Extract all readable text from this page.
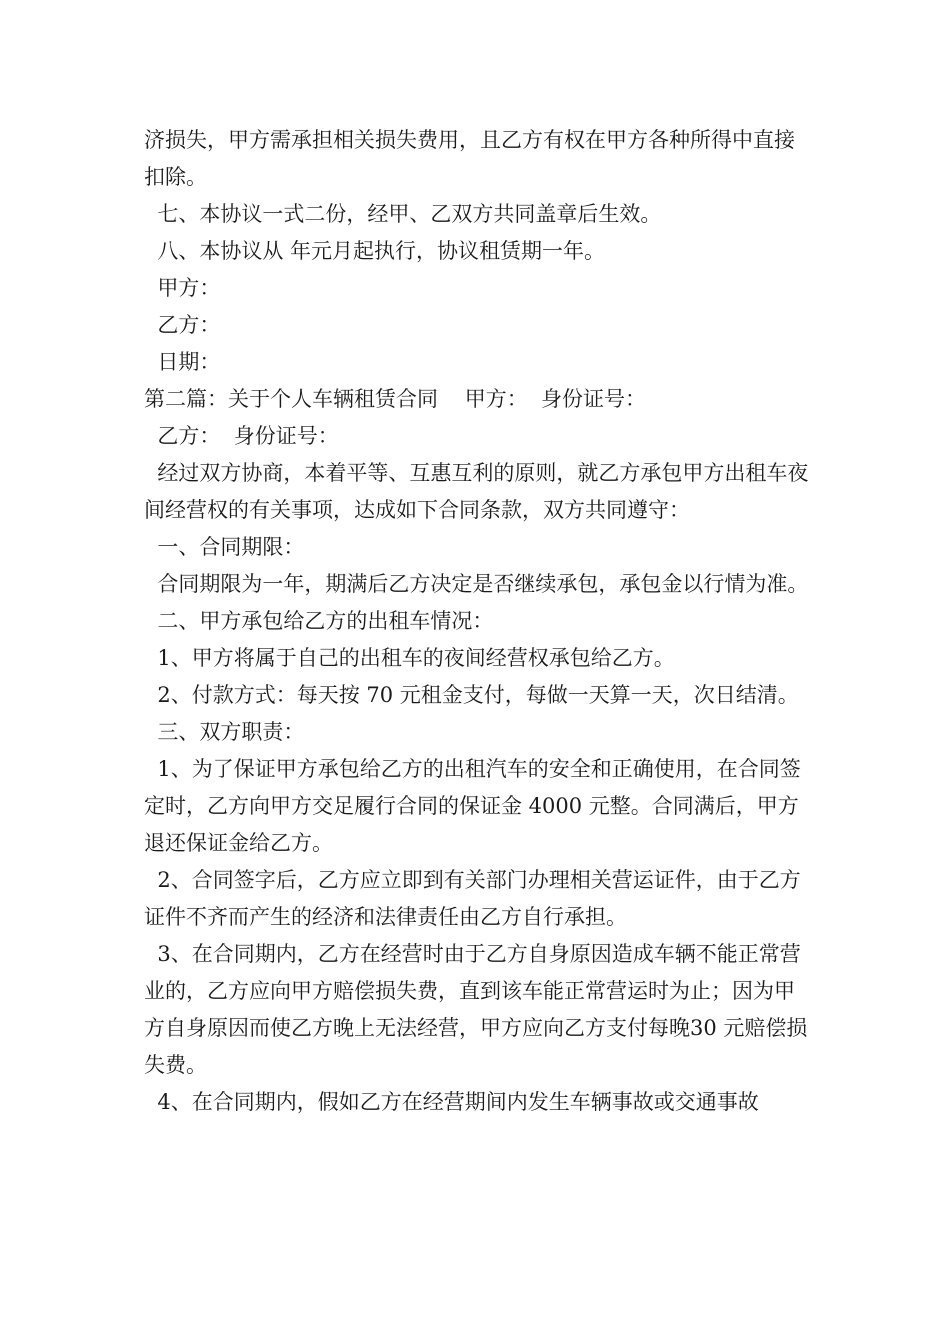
济损失，甲方需承担相关损失费用，且乙方有权在甲方各种所得中直接扣除。

七、本协议一式二份，经甲、乙双方共同盖章后生效。

八、本协议从 年元月起执行，协议租赁期一年。

甲方：

乙方：

日期：

第二篇：关于个人车辆租赁合同    甲方：  身份证号：

乙方：  身份证号：

经过双方协商，本着平等、互惠互利的原则，就乙方承包甲方出租车夜间经营权的有关事项，达成如下合同条款，双方共同遵守：

一、合同期限：

合同期限为一年，期满后乙方决定是否继续承包，承包金以行情为准。

二、甲方承包给乙方的出租车情况：

1、甲方将属于自己的出租车的夜间经营权承包给乙方。

2、付款方式：每天按 70 元租金支付，每做一天算一天，次日结清。

三、双方职责：

1、为了保证甲方承包给乙方的出租汽车的安全和正确使用，在合同签定时，乙方向甲方交足履行合同的保证金 4000 元整。合同满后，甲方退还保证金给乙方。

2、合同签字后，乙方应立即到有关部门办理相关营运证件，由于乙方证件不齐而产生的经济和法律责任由乙方自行承担。

3、在合同期内，乙方在经营时由于乙方自身原因造成车辆不能正常营业的，乙方应向甲方赔偿损失费，直到该车能正常营运时为止；因为甲方自身原因而使乙方晚上无法经营，甲方应向乙方支付每晚30 元赔偿损失费。

4、在合同期内，假如乙方在经营期间内发生车辆事故或交通事故
